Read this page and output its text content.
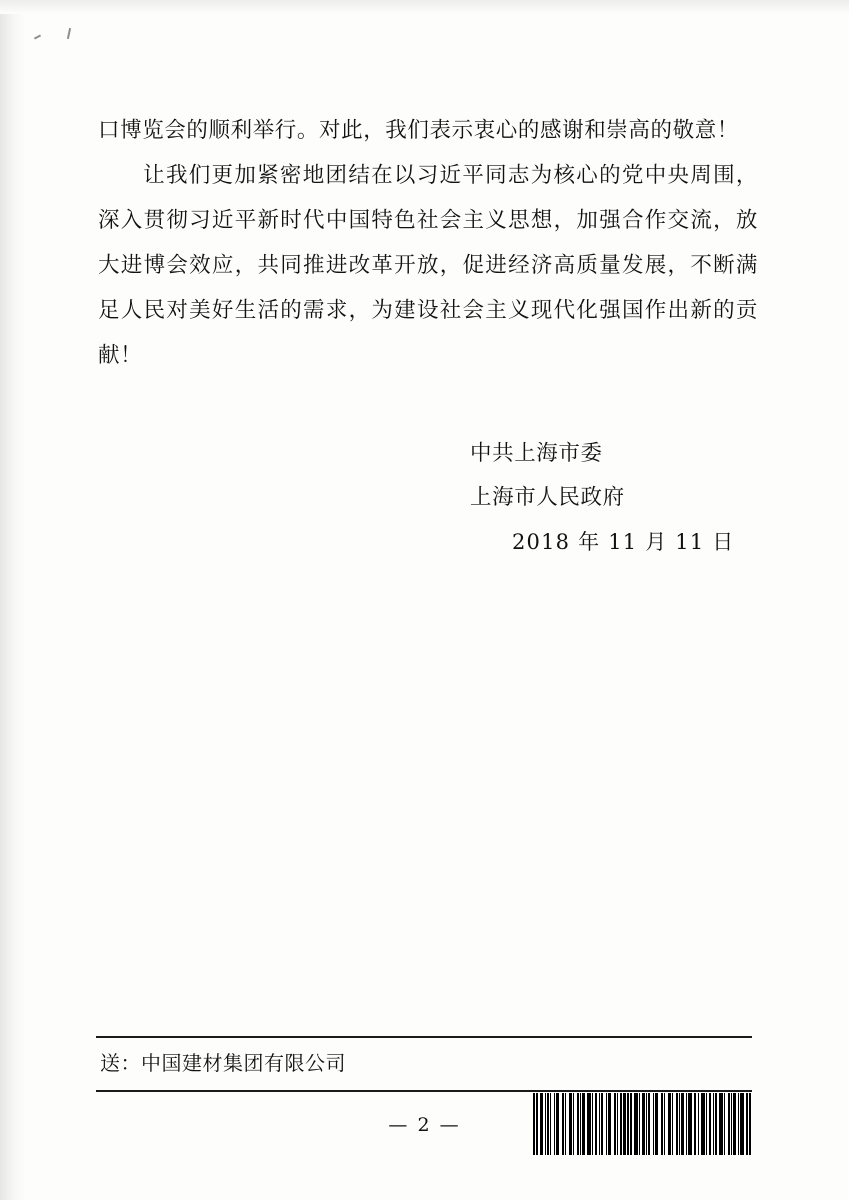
口博览会的顺利举行。对此，我们表示衷心的感谢和崇高的敬意！

让我们更加紧密地团结在以习近平同志为核心的党中央周围，深入贯彻习近平新时代中国特色社会主义思想，加强合作交流，放大进博会效应，共同推进改革开放，促进经济高质量发展，不断满足人民对美好生活的需求，为建设社会主义现代化强国作出新的贡献！

中共上海市委
上海市人民政府
2018 年 11 月 11 日
送：中国建材集团有限公司
— 2 —
